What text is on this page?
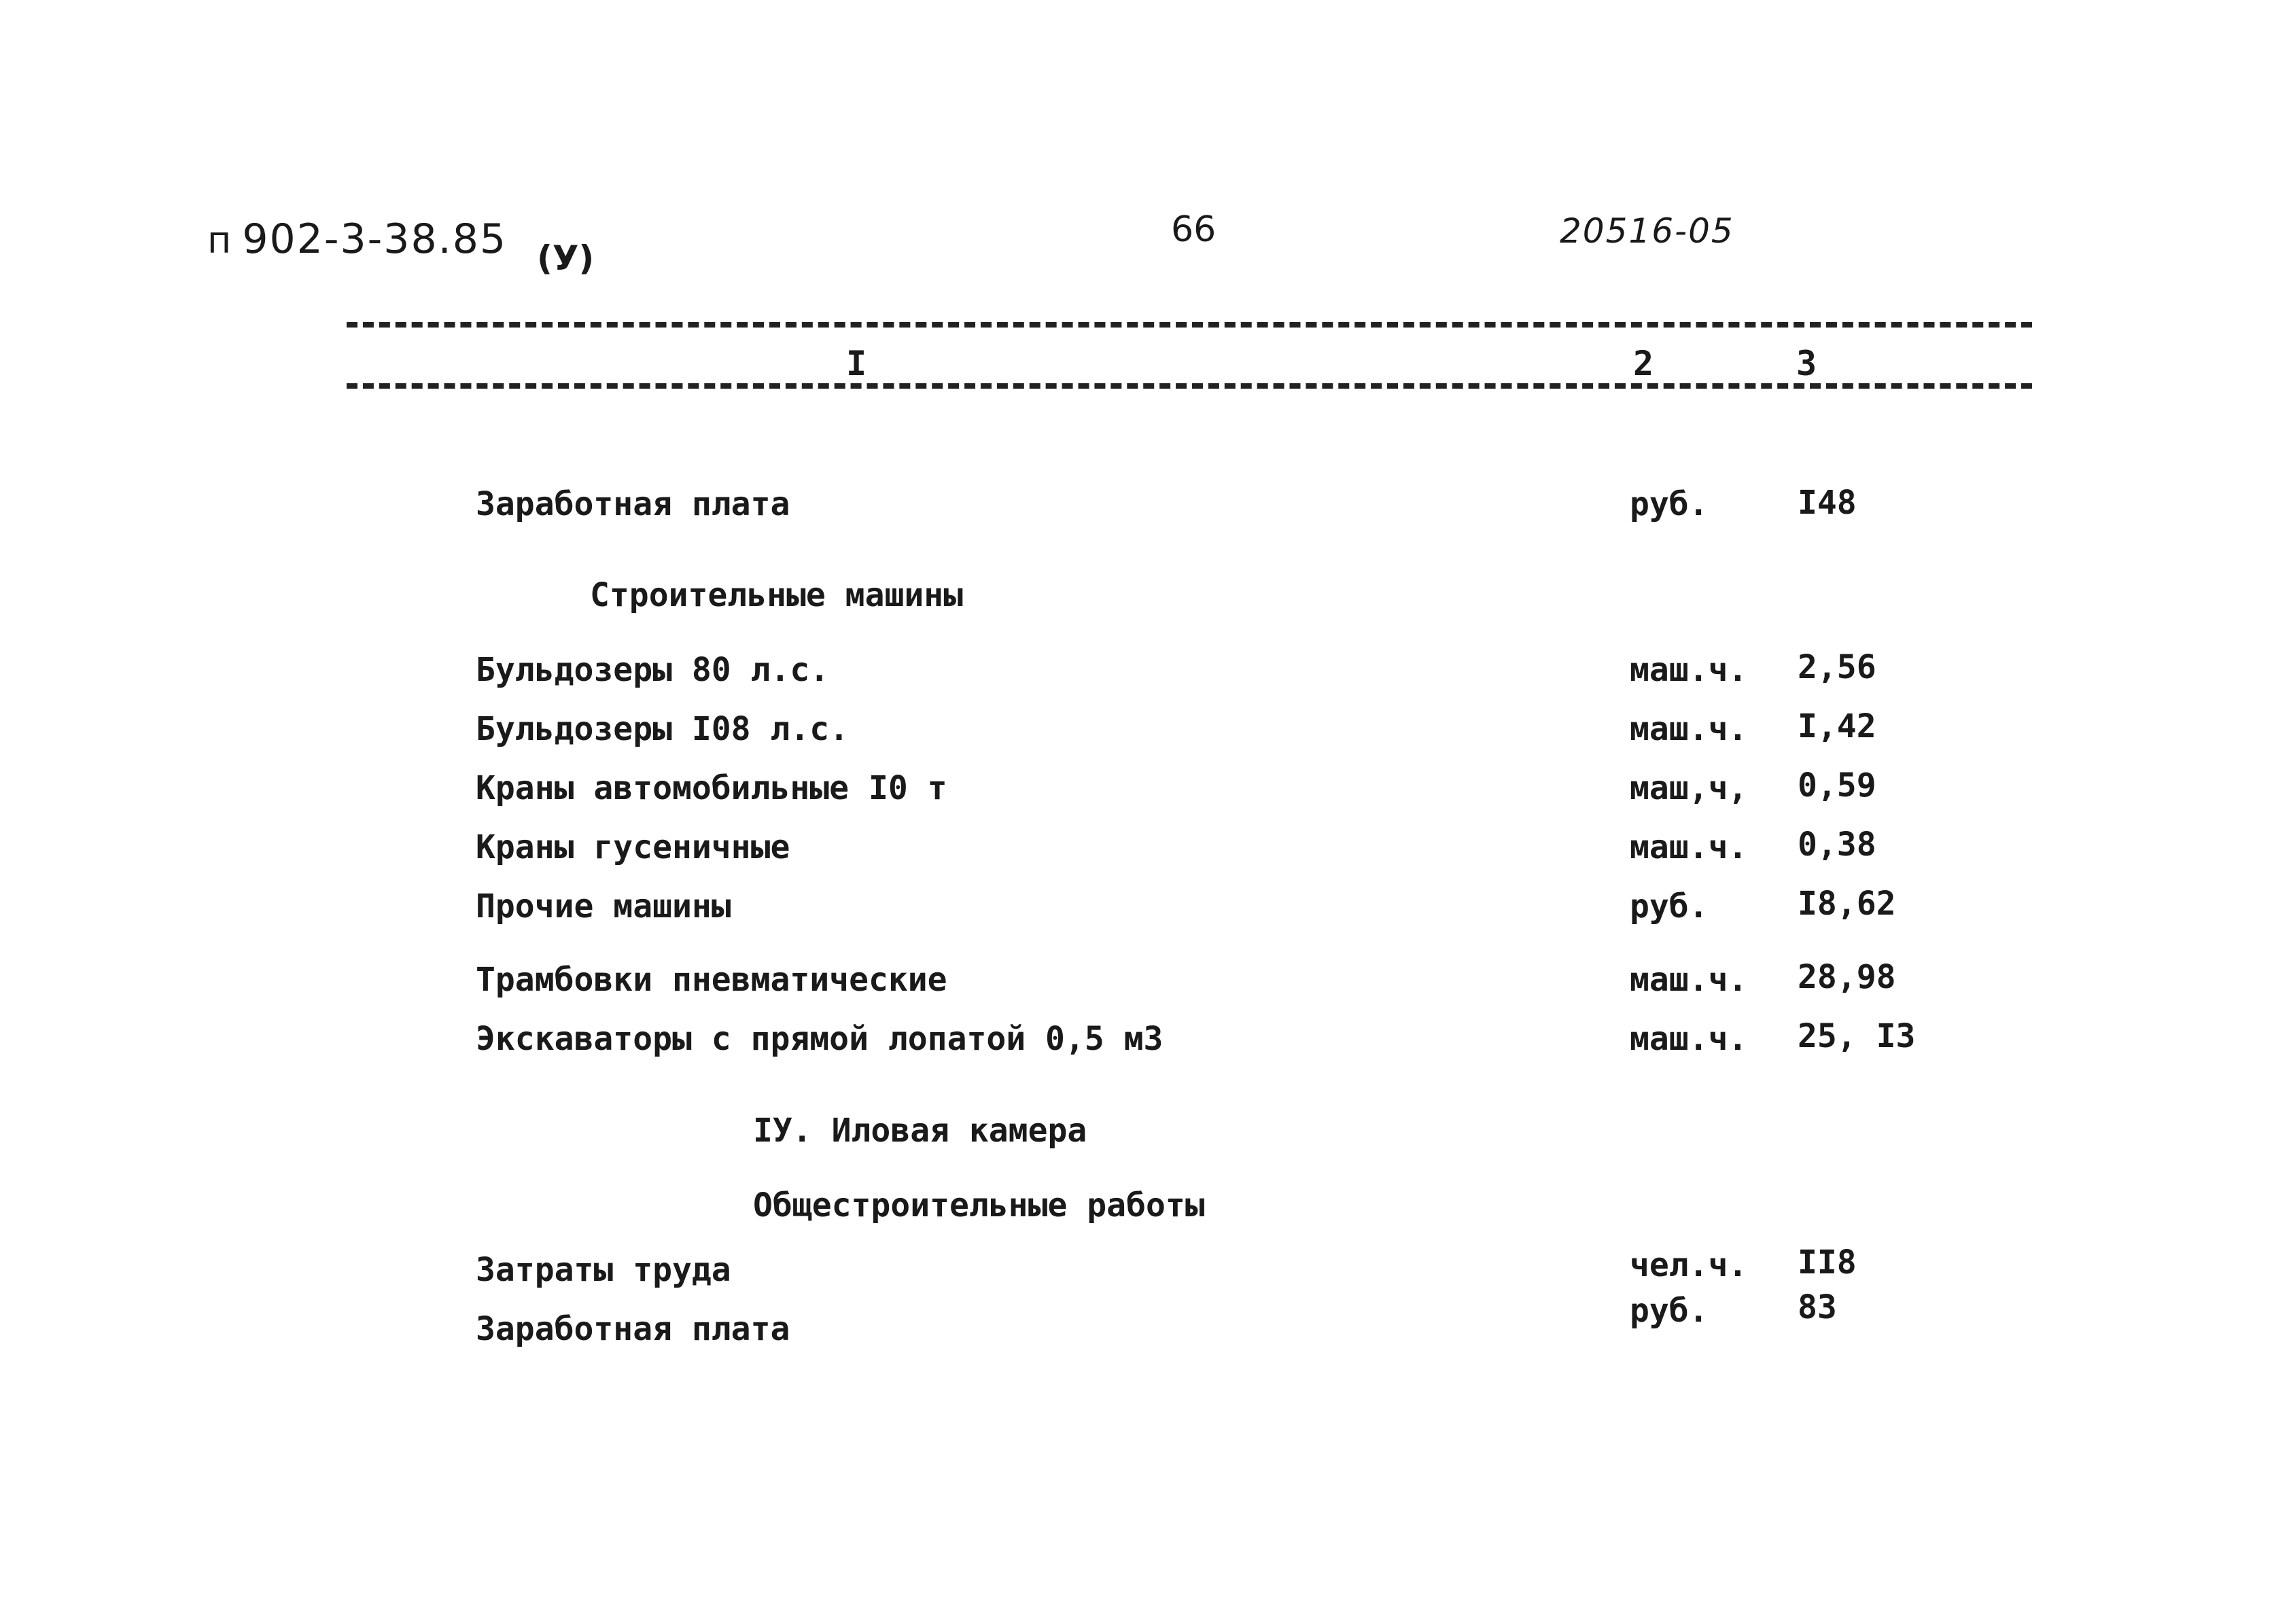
п 902-3-38.85 (У)
66	20516-05
I	2	3
Заработная плата	руб.	I48
Строительные машины
Бульдозеры 80 л.с.	маш.ч. 2,56
Бульдозеры I08 л.с.	маш.ч. I,42
Краны автомобильные I0 т	маш,ч, 0,59
Краны гусеничные	маш.ч. 0,38
Прочие машины	руб.	I8,62
Трамбовки пневматические	маш.ч. 28,98
Экскаваторы с прямой лопатой 0,5 м3	маш.ч. 25, I3
IУ. Иловая камера
Общестроительные работы
Затраты труда	чел.ч. II8
Заработная плата	руб.	83
